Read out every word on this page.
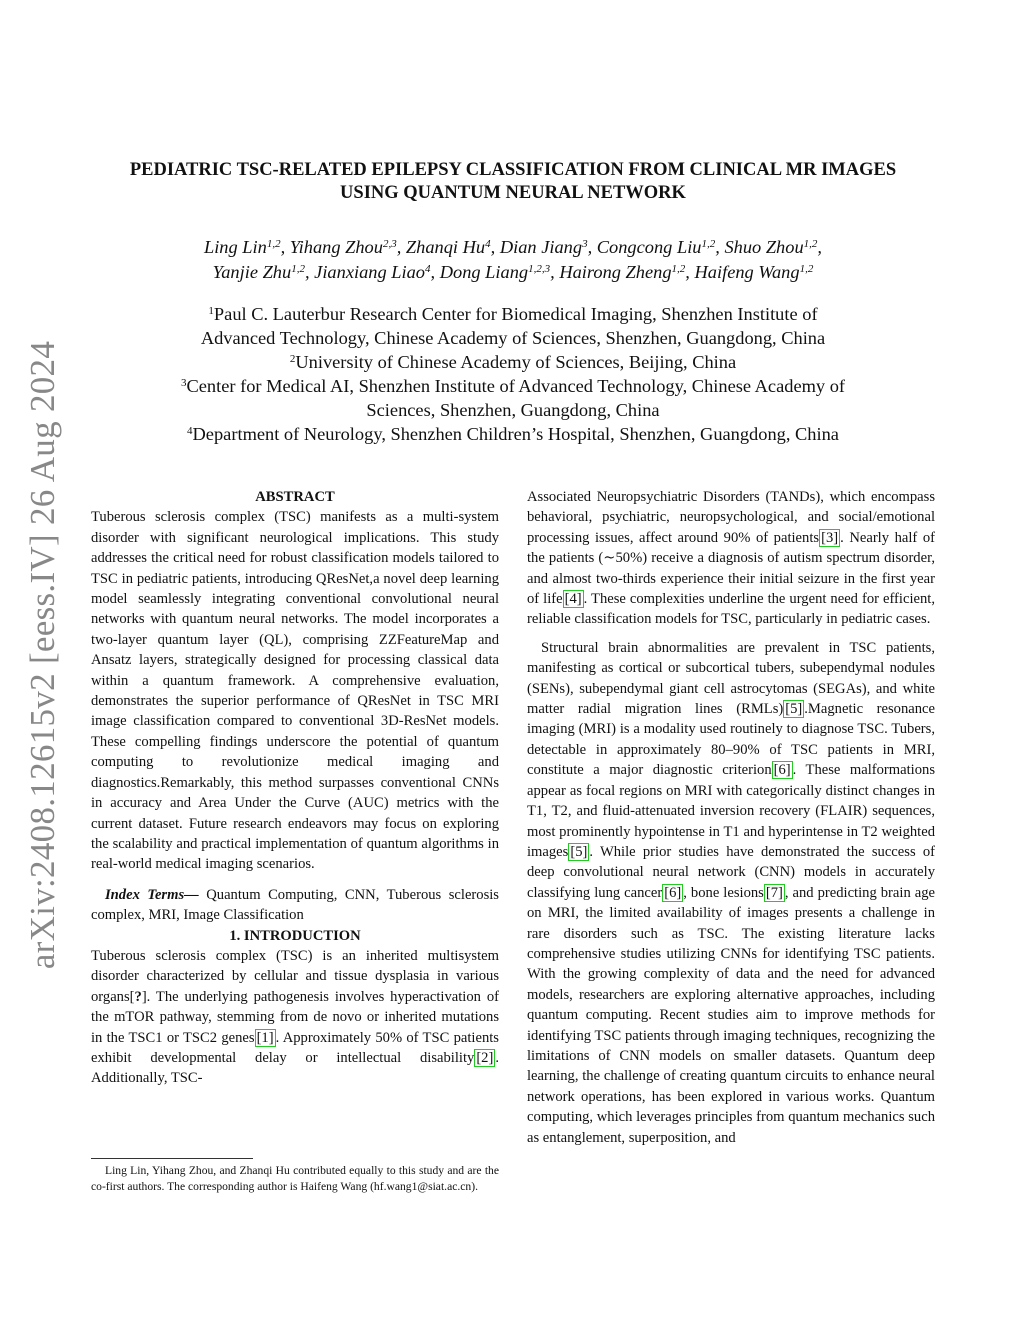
arXiv:2408.12615v2 [eess.IV] 26 Aug 2024
PEDIATRIC TSC-RELATED EPILEPSY CLASSIFICATION FROM CLINICAL MR IMAGES
USING QUANTUM NEURAL NETWORK
Ling Lin$^{1,2}$, Yihang Zhou$^{2,3}$, Zhanqi Hu$^4$, Dian Jiang$^3$, Congcong Liu$^{1,2}$, Shuo Zhou$^{1,2}$,
Yanjie Zhu$^{1,2}$, Jianxiang Liao$^4$, Dong Liang$^{1,2,3}$, Hairong Zheng$^{1,2}$, Haifeng Wang$^{1,2}$
$^1$Paul C. Lauterbur Research Center for Biomedical Imaging, Shenzhen Institute of
Advanced Technology, Chinese Academy of Sciences, Shenzhen, Guangdong, China
$^2$University of Chinese Academy of Sciences, Beijing, China
$^3$Center for Medical AI, Shenzhen Institute of Advanced Technology, Chinese Academy of
Sciences, Shenzhen, Guangdong, China
$^4$Department of Neurology, Shenzhen Children’s Hospital, Shenzhen, Guangdong, China

ABSTRACT

Tuberous sclerosis complex (TSC) manifests as a multi-system disorder with significant neurological implications. This study addresses the critical need for robust classification models tailored to TSC in pediatric patients, introducing QResNet,a novel deep learning model seamlessly integrating conventional convolutional neural networks with quantum neural networks. The model incorporates a two-layer quantum layer (QL), comprising ZZFeatureMap and Ansatz layers, strategically designed for processing classical data within a quantum framework. A comprehensive evaluation, demonstrates the superior performance of QResNet in TSC MRI image classification compared to conventional 3D-ResNet models. These compelling findings underscore the potential of quantum computing to revolutionize medical imaging and diagnostics.Remarkably, this method surpasses conventional CNNs in accuracy and Area Under the Curve (AUC) metrics with the current dataset. Future research endeavors may focus on exploring the scalability and practical implementation of quantum algorithms in real-world medical imaging scenarios.

Index Terms— Quantum Computing, CNN, Tuberous sclerosis complex, MRI, Image Classification

1. INTRODUCTION

Tuberous sclerosis complex (TSC) is an inherited multisystem disorder characterized by cellular and tissue dysplasia in various organs[?]. The underlying pathogenesis involves hyperactivation of the mTOR pathway, stemming from de novo or inherited mutations in the TSC1 or TSC2 genes [1] . Approximately 50% of TSC patients exhibit developmental delay or intellectual disability [2] . Additionally, TSC-

Ling Lin, Yihang Zhou, and Zhanqi Hu contributed equally to this study and are the co-first authors. The corresponding author is Haifeng Wang (hf.wang1@siat.ac.cn).

Associated Neuropsychiatric Disorders (TANDs), which encompass behavioral, psychiatric, neuropsychological, and social/emotional processing issues, affect around 90% of patients [3] . Nearly half of the patients (∼50%) receive a diagnosis of autism spectrum disorder, and almost two-thirds experience their initial seizure in the first year of life [4] . These complexities underline the urgent need for efficient, reliable classification models for TSC, particularly in pediatric cases.

Structural brain abnormalities are prevalent in TSC patients, manifesting as cortical or subcortical tubers, subependymal nodules (SENs), subependymal giant cell astrocytomas (SEGAs), and white matter radial migration lines (RMLs) [5] .Magnetic resonance imaging (MRI) is a modality used routinely to diagnose TSC. Tubers, detectable in approximately 80–90% of TSC patients in MRI, constitute a major diagnostic criterion [6] . These malformations appear as focal regions on MRI with categorically distinct changes in T1, T2, and fluid-attenuated inversion recovery (FLAIR) sequences, most prominently hypointense in T1 and hyperintense in T2 weighted images [5] . While prior studies have demonstrated the success of deep convolutional neural network (CNN) models in accurately classifying lung cancer [6] , bone lesions [7] , and predicting brain age on MRI, the limited availability of images presents a challenge in rare disorders such as TSC. The existing literature lacks comprehensive studies utilizing CNNs for identifying TSC patients. With the growing complexity of data and the need for advanced models, researchers are exploring alternative approaches, including quantum computing. Recent studies aim to improve methods for identifying TSC patients through imaging techniques, recognizing the limitations of CNN models on smaller datasets. Quantum deep learning, the challenge of creating quantum circuits to enhance neural network operations, has been explored in various works. Quantum computing, which leverages principles from quantum mechanics such as entanglement, superposition, and
